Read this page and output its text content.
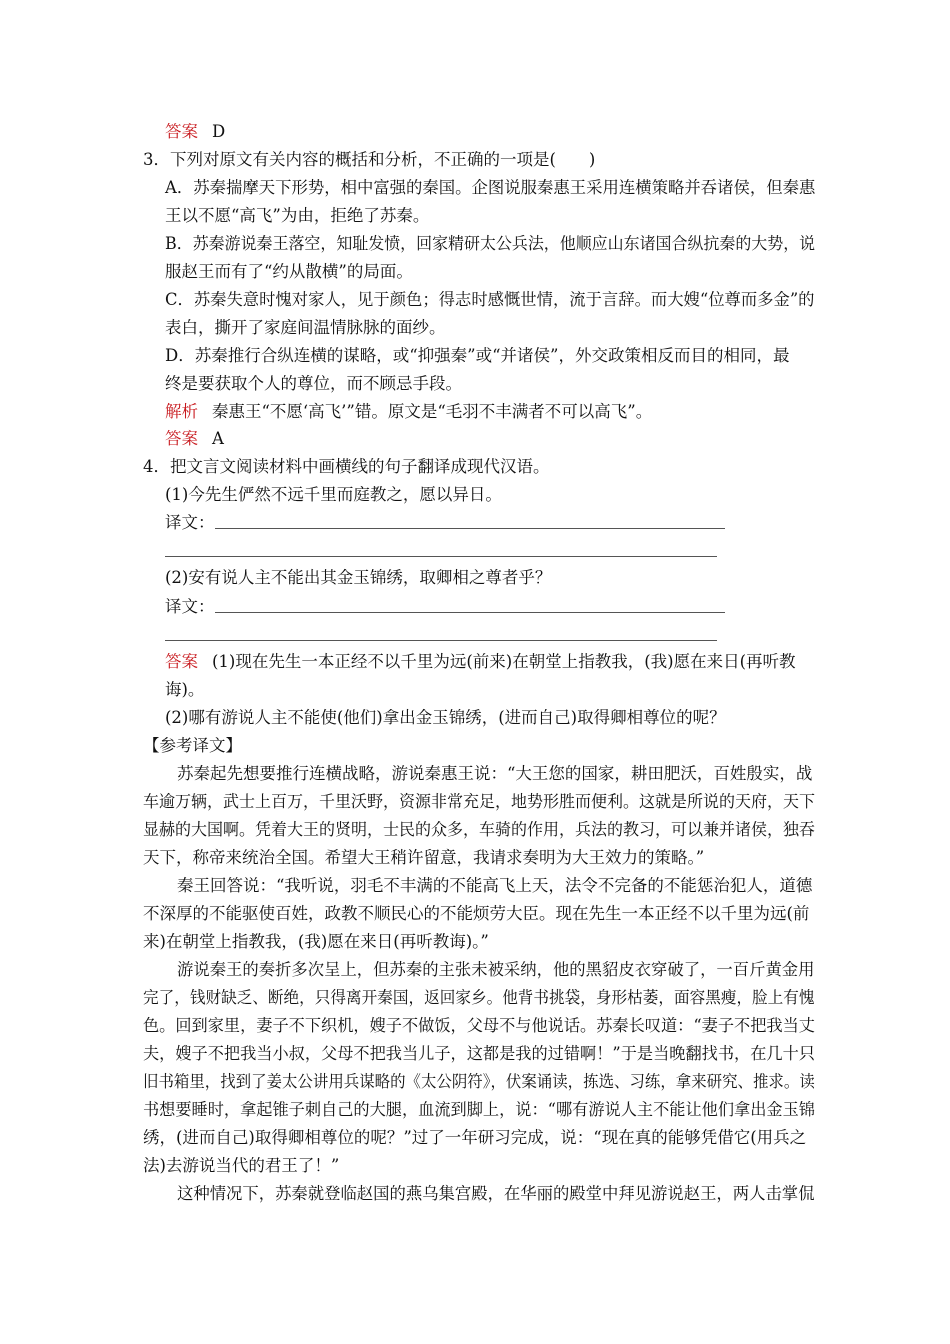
答案 D
3．下列对原文有关内容的概括和分析，不正确的一项是(　　)
A．苏秦揣摩天下形势，相中富强的秦国。企图说服秦惠王采用连横策略并吞诸侯，但秦惠
王以不愿“高飞”为由，拒绝了苏秦。
B．苏秦游说秦王落空，知耻发愤，回家精研太公兵法，他顺应山东诸国合纵抗秦的大势，说
服赵王而有了“约从散横”的局面。
C．苏秦失意时愧对家人，见于颜色；得志时感慨世情，流于言辞。而大嫂“位尊而多金”的
表白，撕开了家庭间温情脉脉的面纱。
D．苏秦推行合纵连横的谋略，或“抑强秦”或“并诸侯”，外交政策相反而目的相同，最
终是要获取个人的尊位，而不顾忌手段。
解析 秦惠王“不愿‘高飞’”错。原文是“毛羽不丰满者不可以高飞”。
答案 A
4．把文言文阅读材料中画横线的句子翻译成现代汉语。
(1)今先生俨然不远千里而庭教之，愿以异日。
译文：
(2)安有说人主不能出其金玉锦绣，取卿相之尊者乎？
译文：
答案 (1)现在先生一本正经不以千里为远(前来)在朝堂上指教我，(我)愿在来日(再听教
诲)。
(2)哪有游说人主不能使(他们)拿出金玉锦绣，(进而自己)取得卿相尊位的呢？
【参考译文】
苏秦起先想要推行连横战略，游说秦惠王说：“大王您的国家，耕田肥沃，百姓殷实，战
车逾万辆，武士上百万，千里沃野，资源非常充足，地势形胜而便利。这就是所说的天府，天下
显赫的大国啊。凭着大王的贤明，士民的众多，车骑的作用，兵法的教习，可以兼并诸侯，独吞
天下，称帝来统治全国。希望大王稍许留意，我请求奏明为大王效力的策略。”
秦王回答说：“我听说，羽毛不丰满的不能高飞上天，法令不完备的不能惩治犯人，道德
不深厚的不能驱使百姓，政教不顺民心的不能烦劳大臣。现在先生一本正经不以千里为远(前
来)在朝堂上指教我，(我)愿在来日(再听教诲)。”
游说秦王的奏折多次呈上，但苏秦的主张未被采纳，他的黑貂皮衣穿破了，一百斤黄金用
完了，钱财缺乏、断绝，只得离开秦国，返回家乡。他背书挑袋，身形枯萎，面容黑瘦，脸上有愧
色。回到家里，妻子不下织机，嫂子不做饭，父母不与他说话。苏秦长叹道：“妻子不把我当丈
夫，嫂子不把我当小叔，父母不把我当儿子，这都是我的过错啊！”于是当晚翻找书，在几十只
旧书箱里，找到了姜太公讲用兵谋略的《太公阴符》，伏案诵读，拣选、习练，拿来研究、推求。读
书想要睡时，拿起锥子刺自己的大腿，血流到脚上，说：“哪有游说人主不能让他们拿出金玉锦
绣，(进而自己)取得卿相尊位的呢？”过了一年研习完成，说：“现在真的能够凭借它(用兵之
法)去游说当代的君王了！”
这种情况下，苏秦就登临赵国的燕乌集宫殿，在华丽的殿堂中拜见游说赵王，两人击掌侃
